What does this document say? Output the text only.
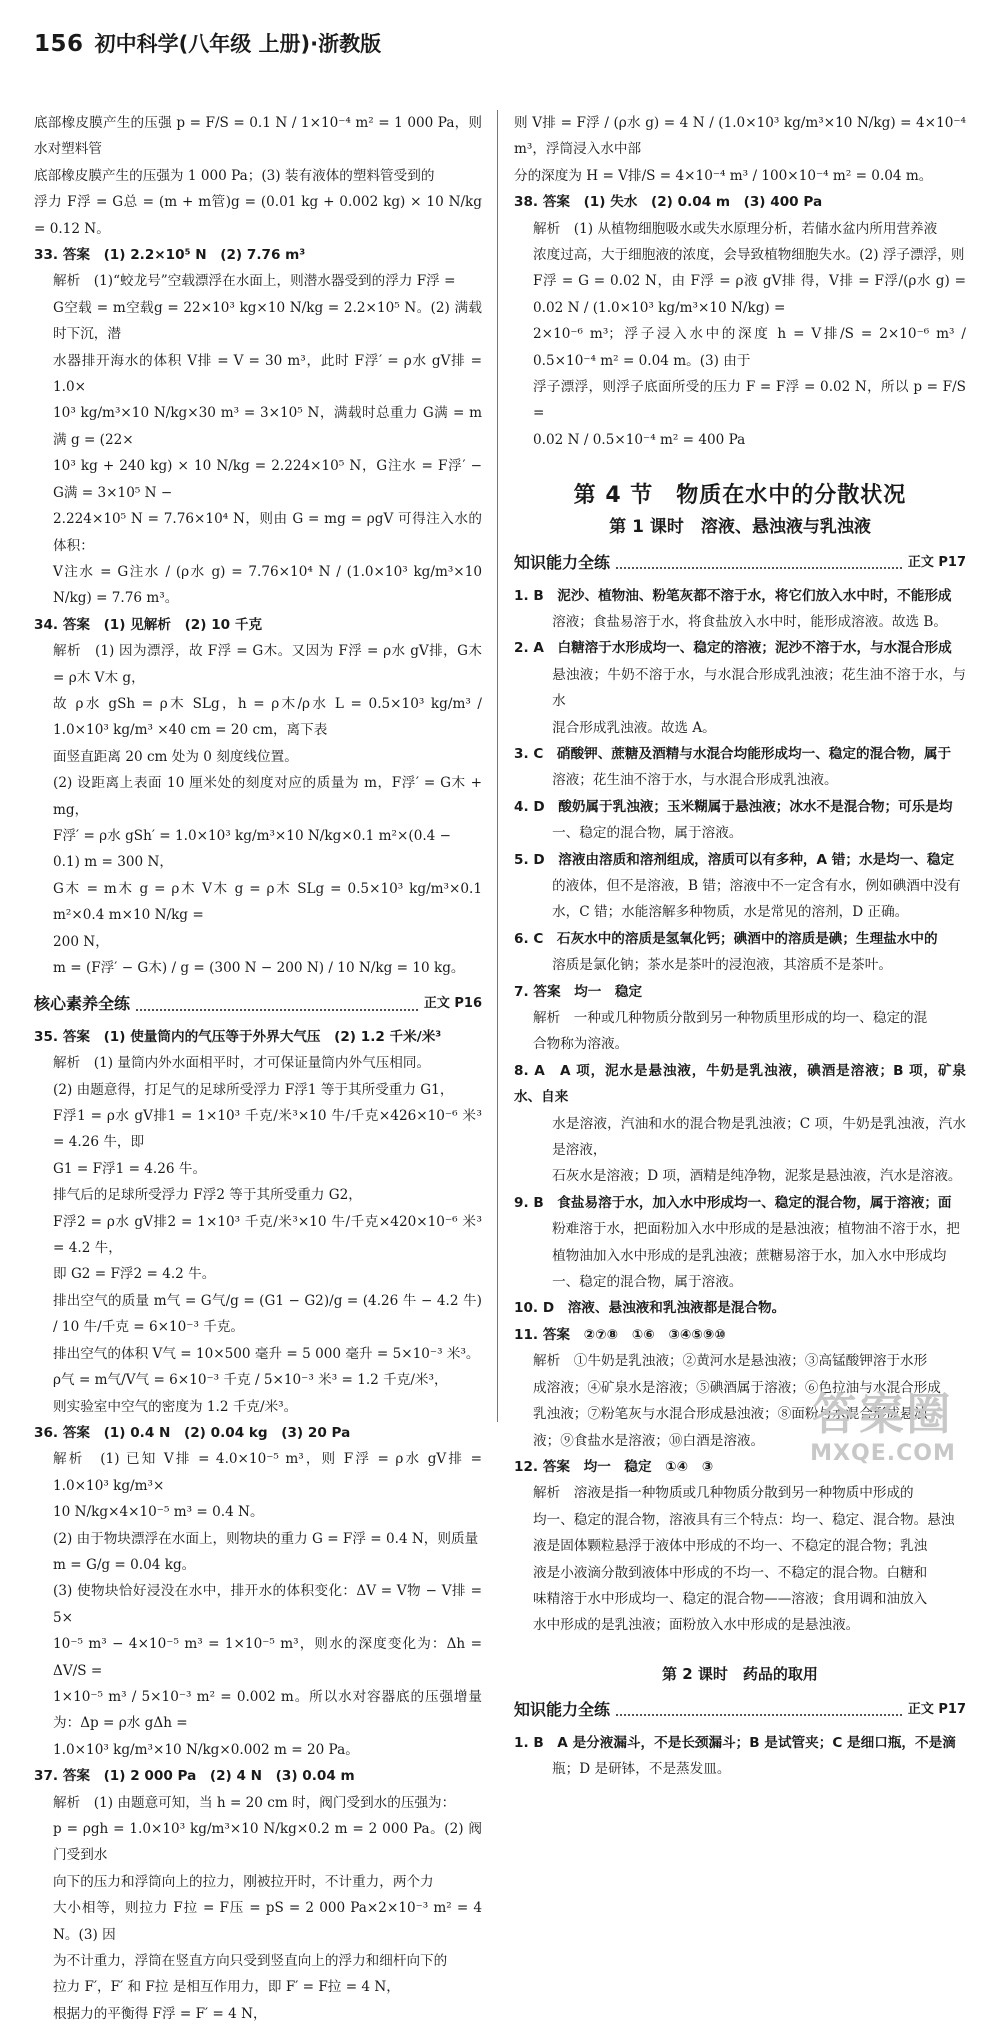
156 初中科学(八年级 上册)·浙教版

底部橡皮膜产生的压强 p = F/S = 0.1 N / 1×10⁻⁴ m² = 1 000 Pa，则水对塑料管

底部橡皮膜产生的压强为 1 000 Pa；(3) 装有液体的塑料管受到的

浮力 F浮 = G总 = (m + m管)g = (0.01 kg + 0.002 kg) × 10 N/kg = 0.12 N。

33. 答案　(1) 2.2×10⁵ N　(2) 7.76 m³

解析　(1)“蛟龙号”空载漂浮在水面上，则潜水器受到的浮力 F浮 =

G空载 = m空载g = 22×10³ kg×10 N/kg = 2.2×10⁵ N。(2) 满载时下沉，潜

水器排开海水的体积 V排 = V = 30 m³，此时 F浮′ = ρ水 gV排 = 1.0×

10³ kg/m³×10 N/kg×30 m³ = 3×10⁵ N，满载时总重力 G满 = m满 g = (22×

10³ kg + 240 kg) × 10 N/kg = 2.224×10⁵ N，G注水 = F浮′ − G满 = 3×10⁵ N −

2.224×10⁵ N = 7.76×10⁴ N，则由 G = mg = ρgV 可得注入水的体积：

V注水 = G注水 / (ρ水 g) = 7.76×10⁴ N / (1.0×10³ kg/m³×10 N/kg) = 7.76 m³。

34. 答案　(1) 见解析　(2) 10 千克

解析　(1) 因为漂浮，故 F浮 = G木。又因为 F浮 = ρ水 gV排，G木 = ρ木 V木 g，

故 ρ水 gSh = ρ木 SLg，h = ρ木/ρ水 L = 0.5×10³ kg/m³ / 1.0×10³ kg/m³ ×40 cm = 20 cm，离下表

面竖直距离 20 cm 处为 0 刻度线位置。

(2) 设距离上表面 10 厘米处的刻度对应的质量为 m，F浮′ = G木 + mg，

F浮′ = ρ水 gSh′ = 1.0×10³ kg/m³×10 N/kg×0.1 m²×(0.4 −

0.1) m = 300 N，

G木 = m木 g = ρ木 V木 g = ρ木 SLg = 0.5×10³ kg/m³×0.1 m²×0.4 m×10 N/kg =

200 N，

m = (F浮′ − G木) / g = (300 N − 200 N) / 10 N/kg = 10 kg。

核心素养全练	正文 P16

35. 答案　(1) 使量筒内的气压等于外界大气压　(2) 1.2 千米/米³

解析　(1) 量筒内外水面相平时，才可保证量筒内外气压相同。

(2) 由题意得，打足气的足球所受浮力 F浮1 等于其所受重力 G1，

F浮1 = ρ水 gV排1 = 1×10³ 千克/米³×10 牛/千克×426×10⁻⁶ 米³ = 4.26 牛，即

G1 = F浮1 = 4.26 牛。

排气后的足球所受浮力 F浮2 等于其所受重力 G2，

F浮2 = ρ水 gV排2 = 1×10³ 千克/米³×10 牛/千克×420×10⁻⁶ 米³ = 4.2 牛，

即 G2 = F浮2 = 4.2 牛。

排出空气的质量 m气 = G气/g = (G1 − G2)/g = (4.26 牛 − 4.2 牛) / 10 牛/千克 = 6×10⁻³ 千克。

排出空气的体积 V气 = 10×500 毫升 = 5 000 毫升 = 5×10⁻³ 米³。

ρ气 = m气/V气 = 6×10⁻³ 千克 / 5×10⁻³ 米³ = 1.2 千克/米³，

则实验室中空气的密度为 1.2 千克/米³。

36. 答案　(1) 0.4 N　(2) 0.04 kg　(3) 20 Pa

解析　(1) 已知 V排 = 4.0×10⁻⁵ m³，则 F浮 = ρ水 gV排 = 1.0×10³ kg/m³×

10 N/kg×4×10⁻⁵ m³ = 0.4 N。

(2) 由于物块漂浮在水面上，则物块的重力 G = F浮 = 0.4 N，则质量

m = G/g = 0.04 kg。

(3) 使物块恰好浸没在水中，排开水的体积变化：ΔV = V物 − V排 = 5×

10⁻⁵ m³ − 4×10⁻⁵ m³ = 1×10⁻⁵ m³，则水的深度变化为：Δh = ΔV/S =

1×10⁻⁵ m³ / 5×10⁻³ m² = 0.002 m。所以水对容器底的压强增量为：Δp = ρ水 gΔh =

1.0×10³ kg/m³×10 N/kg×0.002 m = 20 Pa。

37. 答案　(1) 2 000 Pa　(2) 4 N　(3) 0.04 m

解析　(1) 由题意可知，当 h = 20 cm 时，阀门受到水的压强为：

p = ρgh = 1.0×10³ kg/m³×10 N/kg×0.2 m = 2 000 Pa。(2) 阀门受到水

向下的压力和浮筒向上的拉力，刚被拉开时，不计重力，两个力

大小相等，则拉力 F拉 = F压 = pS = 2 000 Pa×2×10⁻³ m² = 4 N。(3) 因

为不计重力，浮筒在竖直方向只受到竖直向上的浮力和细杆向下的

拉力 F′，F′ 和 F拉 是相互作用力，即 F′ = F拉 = 4 N，

根据力的平衡得 F浮 = F′ = 4 N，

则 V排 = F浮 / (ρ水 g) = 4 N / (1.0×10³ kg/m³×10 N/kg) = 4×10⁻⁴ m³，浮筒浸入水中部

分的深度为 H = V排/S = 4×10⁻⁴ m³ / 100×10⁻⁴ m² = 0.04 m。

38. 答案　(1) 失水　(2) 0.04 m　(3) 400 Pa

解析　(1) 从植物细胞吸水或失水原理分析，若储水盆内所用营养液

浓度过高，大于细胞液的浓度，会导致植物细胞失水。(2) 浮子漂浮，则

F浮 = G = 0.02 N，由 F浮 = ρ液 gV排 得，V排 = F浮/(ρ水 g) = 0.02 N / (1.0×10³ kg/m³×10 N/kg) =

2×10⁻⁶ m³；浮子浸入水中的深度 h = V排/S = 2×10⁻⁶ m³ / 0.5×10⁻⁴ m² = 0.04 m。(3) 由于

浮子漂浮，则浮子底面所受的压力 F = F浮 = 0.02 N，所以 p = F/S =

0.02 N / 0.5×10⁻⁴ m² = 400 Pa

第 4 节　物质在水中的分散状况
第 1 课时　溶液、悬浊液与乳浊液
知识能力全练	正文 P17

1. B　泥沙、植物油、粉笔灰都不溶于水，将它们放入水中时，不能形成

溶液；食盐易溶于水，将食盐放入水中时，能形成溶液。故选 B。

2. A　白糖溶于水形成均一、稳定的溶液；泥沙不溶于水，与水混合形成

悬浊液；牛奶不溶于水，与水混合形成乳浊液；花生油不溶于水，与水

混合形成乳浊液。故选 A。

3. C　硝酸钾、蔗糖及酒精与水混合均能形成均一、稳定的混合物，属于

溶液；花生油不溶于水，与水混合形成乳浊液。

4. D　酸奶属于乳浊液；玉米糊属于悬浊液；冰水不是混合物；可乐是均

一、稳定的混合物，属于溶液。

5. D　溶液由溶质和溶剂组成，溶质可以有多种，A 错；水是均一、稳定

的液体，但不是溶液，B 错；溶液中不一定含有水，例如碘酒中没有

水，C 错；水能溶解多种物质，水是常见的溶剂，D 正确。

6. C　石灰水中的溶质是氢氧化钙；碘酒中的溶质是碘；生理盐水中的

溶质是氯化钠；茶水是茶叶的浸泡液，其溶质不是茶叶。

7. 答案　均一　稳定

解析　一种或几种物质分散到另一种物质里形成的均一、稳定的混

合物称为溶液。

8. A　A 项，泥水是悬浊液，牛奶是乳浊液，碘酒是溶液；B 项，矿泉水、自来

水是溶液，汽油和水的混合物是乳浊液；C 项，牛奶是乳浊液，汽水是溶液，

石灰水是溶液；D 项，酒精是纯净物，泥浆是悬浊液，汽水是溶液。

9. B　食盐易溶于水，加入水中形成均一、稳定的混合物，属于溶液；面

粉难溶于水，把面粉加入水中形成的是悬浊液；植物油不溶于水，把

植物油加入水中形成的是乳浊液；蔗糖易溶于水，加入水中形成均

一、稳定的混合物，属于溶液。

10. D　溶液、悬浊液和乳浊液都是混合物。

11. 答案　②⑦⑧　①⑥　③④⑤⑨⑩

解析　①牛奶是乳浊液；②黄河水是悬浊液；③高锰酸钾溶于水形

成溶液；④矿泉水是溶液；⑤碘酒属于溶液；⑥色拉油与水混合形成

乳浊液；⑦粉笔灰与水混合形成悬浊液；⑧面粉与水混合形成悬浊

液；⑨食盐水是溶液；⑩白酒是溶液。

12. 答案　均一　稳定　①④　③

解析　溶液是指一种物质或几种物质分散到另一种物质中形成的

均一、稳定的混合物，溶液具有三个特点：均一、稳定、混合物。悬浊

液是固体颗粒悬浮于液体中形成的不均一、不稳定的混合物；乳浊

液是小液滴分散到液体中形成的不均一、不稳定的混合物。白糖和

味精溶于水中形成均一、稳定的混合物——溶液；食用调和油放入

水中形成的是乳浊液；面粉放入水中形成的是悬浊液。

第 2 课时　药品的取用
知识能力全练	正文 P17

1. B　A 是分液漏斗，不是长颈漏斗；B 是试管夹；C 是细口瓶，不是滴

瓶；D 是研钵，不是蒸发皿。

答案圈
MXQE.COM
